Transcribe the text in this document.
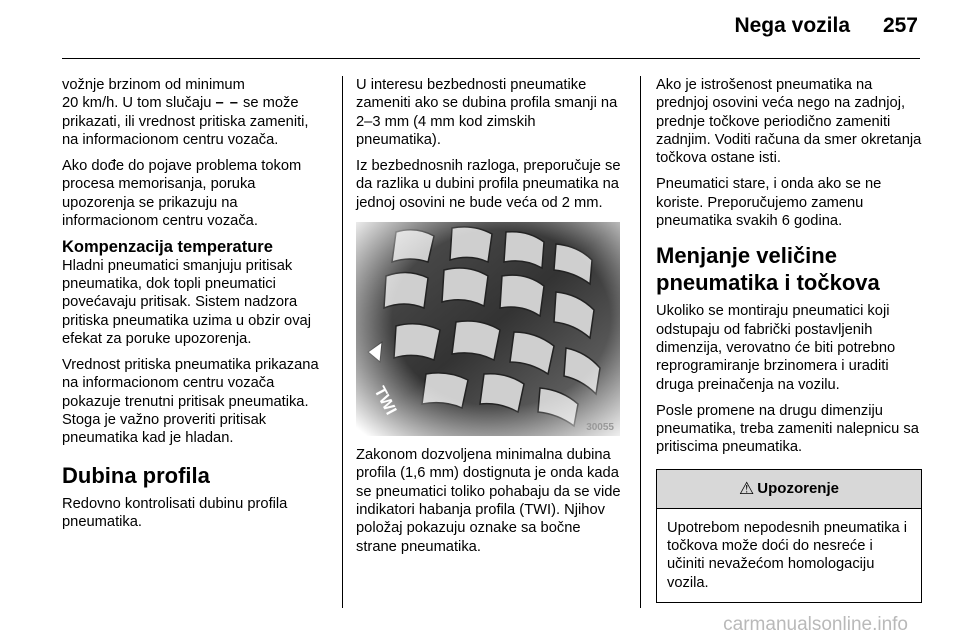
Nega vozila 257

vožnje brzinom od minimum
20 km/h. U tom slučaju – – se može prikazati, ili vrednost pritiska zameniti, na informacionom centru vozača.

Ako dođe do pojave problema tokom procesa memorisanja, poruka upozorenja se prikazuju na informacionom centru vozača.

Kompenzacija temperature

Hladni pneumatici smanjuju pritisak pneumatika, dok topli pneumatici povećavaju pritisak. Sistem nadzora pritiska pneumatika uzima u obzir ovaj efekat za poruke upozorenja.

Vrednost pritiska pneumatika prikazana na informacionom centru vozača pokazuje trenutni pritisak pneumatika. Stoga je važno proveriti pritisak pneumatika kad je hladan.

Dubina profila

Redovno kontrolisati dubinu profila pneumatika.

U interesu bezbednosti pneumatike zameniti ako se dubina profila smanji na 2–3 mm (4 mm kod zimskih pneumatika).

Iz bezbednosnih razloga, preporučuje se da razlika u dubini profila pneumatika na jednoj osovini ne bude veća od 2 mm.

30055

Zakonom dozvoljena minimalna dubina profila (1,6 mm) dostignuta je onda kada se pneumatici toliko pohabaju da se vide indikatori habanja profila (TWI). Njihov položaj pokazuju oznake sa bočne strane pneumatika.

Ako je istrošenost pneumatika na prednjoj osovini veća nego na zadnjoj, prednje točkove periodično zameniti zadnjim. Voditi računa da smer okretanja točkova ostane isti.

Pneumatici stare, i onda ako se ne koriste. Preporučujemo zamenu pneumatika svakih 6 godina.

Menjanje veličine pneumatika i točkova

Ukoliko se montiraju pneumatici koji odstupaju od fabrički postavljenih dimenzija, verovatno će biti potrebno reprogramiranje brzinomera i uraditi druga preinačenja na vozilu.

Posle promene na drugu dimenziju pneumatika, treba zameniti nalepnicu sa pritiscima pneumatika.

⚠ Upozorenje
Upotrebom nepodesnih pneumatika i točkova može doći do nesreće i učiniti nevažećom homologaciju vozila.
carmanualsonline.info
